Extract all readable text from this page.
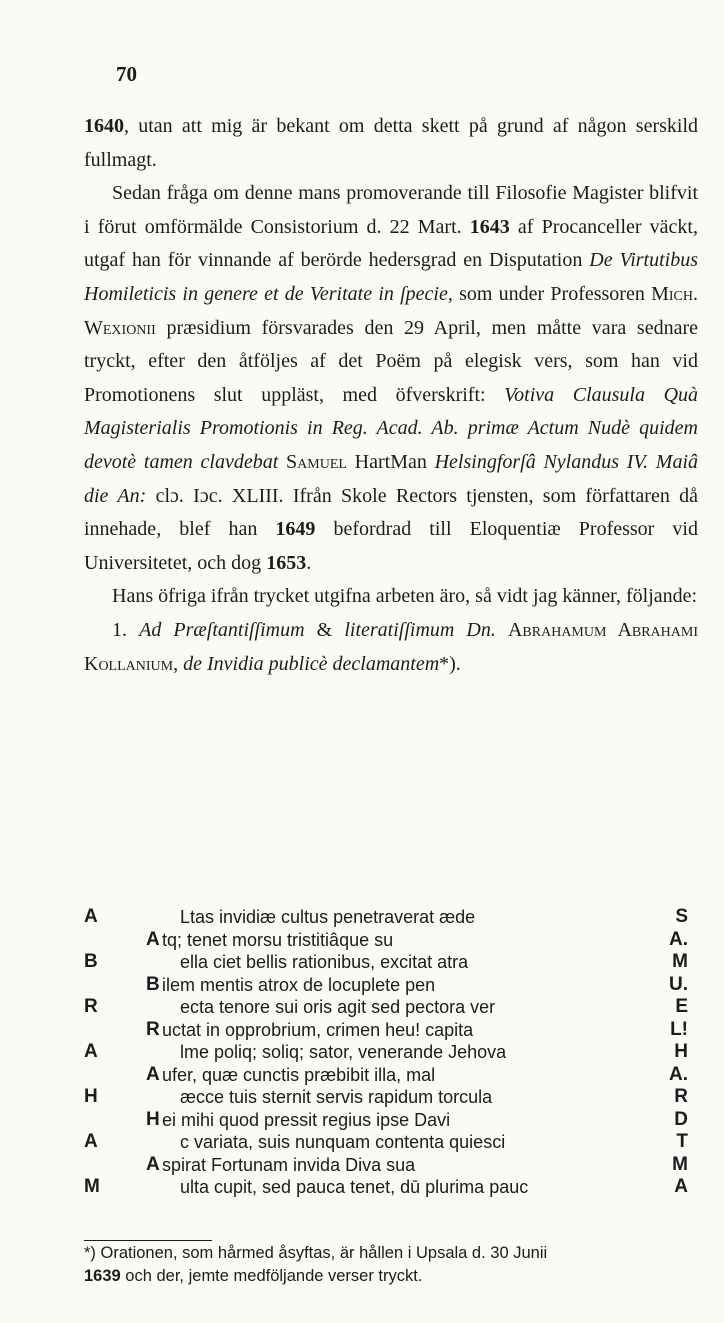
70

1640, utan att mig är bekant om detta skett på grund af någon serskild fullmagt.

Sedan fråga om denne mans promoverande till Filosofie Magister blifvit i förut omförmälde Consistorium d. 22 Mart. 1643 af Procanceller väckt, utgaf han för vinnande af berörde hedersgrad en Disputation De Virtutibus Homileticis in genere et de Veritate in ſpecie, som under Professoren Mich. Wexionii præsidium försvarades den 29 April, men måtte vara sednare tryckt, efter den åtföljes af det Poëm på elegisk vers, som han vid Promotionens slut uppläst, med öfverskrift: Votiva Clausula Quà Magisterialis Promotionis in Reg. Acad. Ab. primæ Actum Nudè quidem devotè tamen clavdebat Samuel HartMan Helsingforſâ Nylandus IV. Maiâ die An: clɔ. Iɔc. XLIII. Ifrån Skole Rectors tjensten, som författaren då innehade, blef han 1649 befordrad till Eloquentiæ Professor vid Universitetet, och dog 1653.

Hans öfriga ifrån trycket utgifna arbeten äro, så vidt jag känner, följande:

1. Ad Præſtantiſſimum & literatiſſimum Dn. Abrahamum Abrahami Kollanium, de Invidia publicè declamantem*).

A	Ltas invidiæ cultus penetraverat æde	S
A tq; tenet morsu tristitiâque su	A.
B	ella ciet bellis rationibus, excitat atra	M
B ilem mentis atrox de locuplete pen	U.
R	ecta tenore sui oris agit sed pectora ver	E
R uctat in opprobrium, crimen heu! capita	L!
A	lme poliq; soliq; sator, venerande Jehova	H
A ufer, quæ cunctis præbibit illa, mal	A.
H	æcce tuis sternit servis rapidum torcula	R
H ei mihi quod pressit regius ipse Davi	D
A	c variata, suis nunquam contenta quiesci	T
A spirat Fortunam invida Diva sua	M
M	ulta cupit, sed pauca tenet, dū plurima pauc	A

*) Orationen, som hårmed åsyftas, är hållen i Upsala d. 30 Junii

1639 och der, jemte medföljande verser tryckt.
